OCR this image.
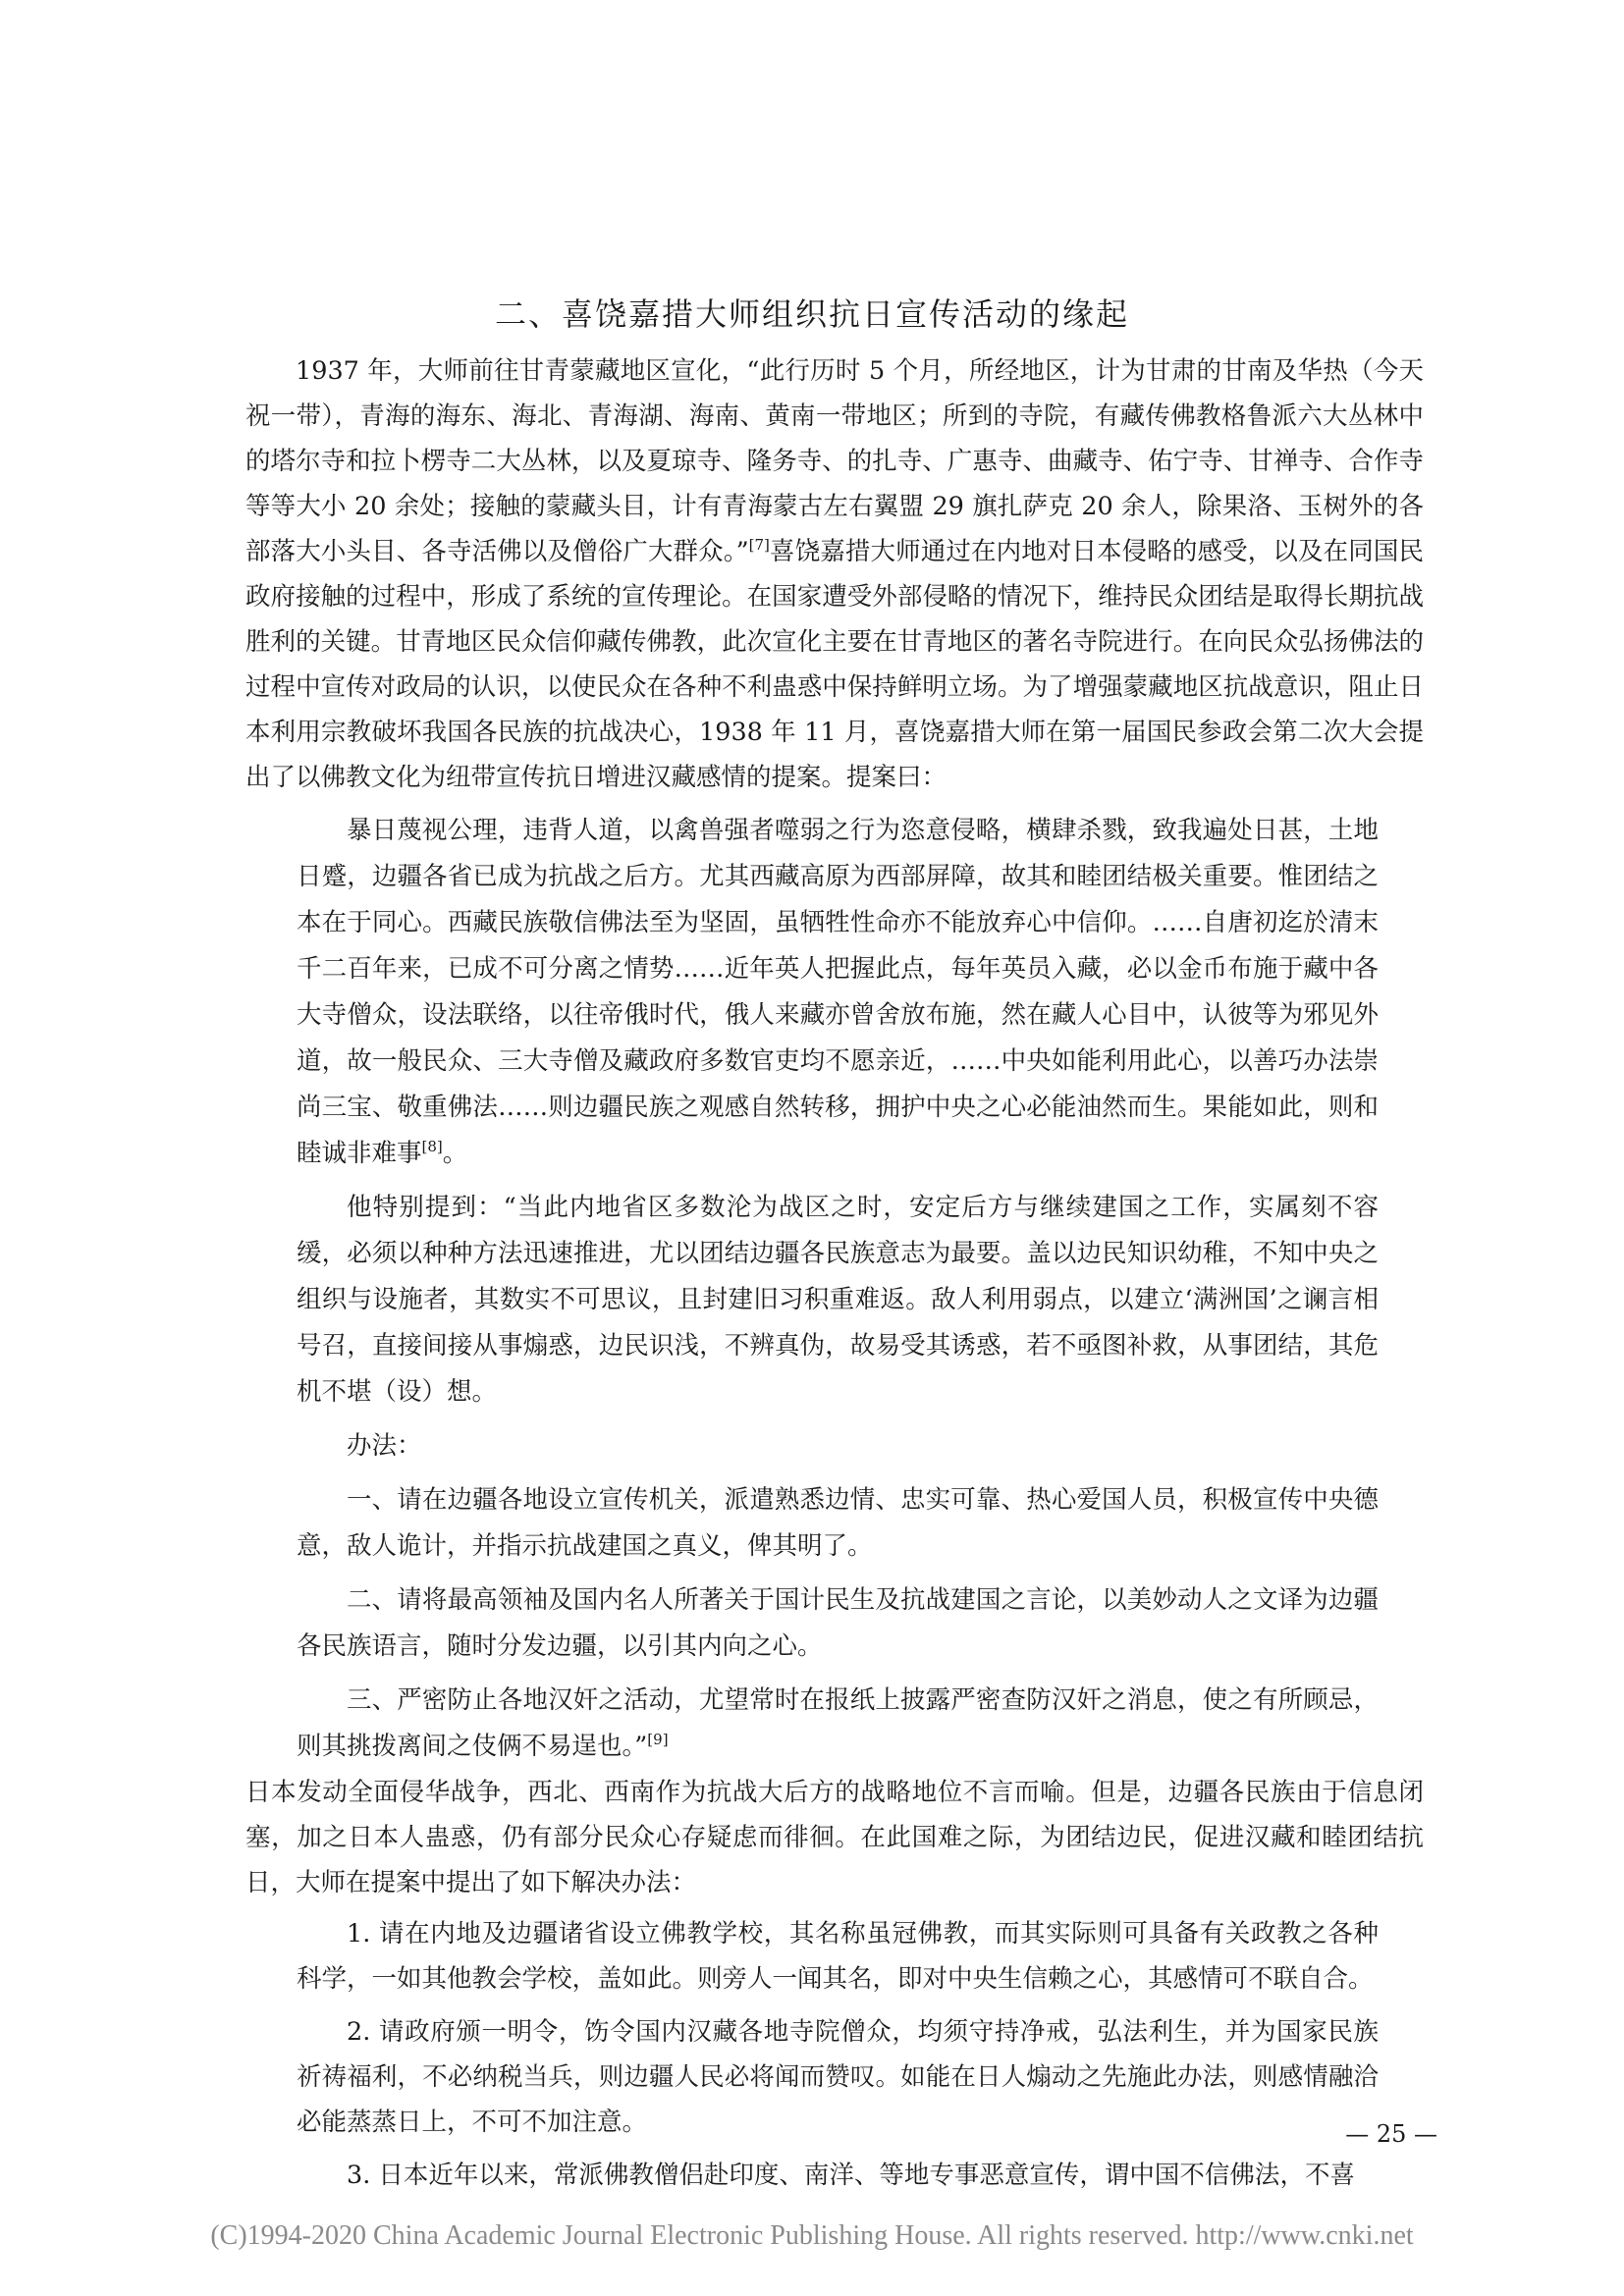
二、喜饶嘉措大师组织抗日宣传活动的缘起

1937 年，大师前往甘青蒙藏地区宣化，“此行历时 5 个月，所经地区，计为甘肃的甘南及华热（今天祝一带），青海的海东、海北、青海湖、海南、黄南一带地区；所到的寺院，有藏传佛教格鲁派六大丛林中的塔尔寺和拉卜楞寺二大丛林，以及夏琼寺、隆务寺、的扎寺、广惠寺、曲藏寺、佑宁寺、甘禅寺、合作寺等等大小 20 余处；接触的蒙藏头目，计有青海蒙古左右翼盟 29 旗扎萨克 20 余人，除果洛、玉树外的各部落大小头目、各寺活佛以及僧俗广大群众。”[7]喜饶嘉措大师通过在内地对日本侵略的感受，以及在同国民政府接触的过程中，形成了系统的宣传理论。在国家遭受外部侵略的情况下，维持民众团结是取得长期抗战胜利的关键。甘青地区民众信仰藏传佛教，此次宣化主要在甘青地区的著名寺院进行。在向民众弘扬佛法的过程中宣传对政局的认识，以使民众在各种不利蛊惑中保持鲜明立场。为了增强蒙藏地区抗战意识，阻止日本利用宗教破坏我国各民族的抗战决心，1938 年 11 月，喜饶嘉措大师在第一届国民参政会第二次大会提出了以佛教文化为纽带宣传抗日增进汉藏感情的提案。提案曰：

暴日蔑视公理，违背人道，以禽兽强者噬弱之行为恣意侵略，横肆杀戮，致我遍处日甚，土地日蹙，边疆各省已成为抗战之后方。尤其西藏高原为西部屏障，故其和睦团结极关重要。惟团结之本在于同心。西藏民族敬信佛法至为坚固，虽牺牲性命亦不能放弃心中信仰。……自唐初迄於清末千二百年来，已成不可分离之情势……近年英人把握此点，每年英员入藏，必以金币布施于藏中各大寺僧众，设法联络，以往帝俄时代，俄人来藏亦曾舍放布施，然在藏人心目中，认彼等为邪见外道，故一般民众、三大寺僧及藏政府多数官吏均不愿亲近，……中央如能利用此心，以善巧办法崇尚三宝、敬重佛法……则边疆民族之观感自然转移，拥护中央之心必能油然而生。果能如此，则和睦诚非难事[8]。

他特别提到：“当此内地省区多数沦为战区之时，安定后方与继续建国之工作，实属刻不容缓，必须以种种方法迅速推进，尤以团结边疆各民族意志为最要。盖以边民知识幼稚，不知中央之组织与设施者，其数实不可思议，且封建旧习积重难返。敌人利用弱点，以建立‘满洲国’之谰言相号召，直接间接从事煽惑，边民识浅，不辨真伪，故易受其诱惑，若不亟图补救，从事团结，其危机不堪（设）想。

办法：

一、请在边疆各地设立宣传机关，派遣熟悉边情、忠实可靠、热心爱国人员，积极宣传中央德意，敌人诡计，并指示抗战建国之真义，俾其明了。

二、请将最高领袖及国内名人所著关于国计民生及抗战建国之言论，以美妙动人之文译为边疆各民族语言，随时分发边疆，以引其内向之心。

三、严密防止各地汉奸之活动，尤望常时在报纸上披露严密查防汉奸之消息，使之有所顾忌，则其挑拨离间之伎俩不易逞也。”[9]

日本发动全面侵华战争，西北、西南作为抗战大后方的战略地位不言而喻。但是，边疆各民族由于信息闭塞，加之日本人蛊惑，仍有部分民众心存疑虑而徘徊。在此国难之际，为团结边民，促进汉藏和睦团结抗日，大师在提案中提出了如下解决办法：

1. 请在内地及边疆诸省设立佛教学校，其名称虽冠佛教，而其实际则可具备有关政教之各种科学，一如其他教会学校，盖如此。则旁人一闻其名，即对中央生信赖之心，其感情可不联自合。

2. 请政府颁一明令，饬令国内汉藏各地寺院僧众，均须守持净戒，弘法利生，并为国家民族祈祷福利，不必纳税当兵，则边疆人民必将闻而赞叹。如能在日人煽动之先施此办法，则感情融洽必能蒸蒸日上，不可不加注意。

3. 日本近年以来，常派佛教僧侣赴印度、南洋、等地专事恶意宣传，谓中国不信佛法，不喜

— 25 —
(C)1994-2020 China Academic Journal Electronic Publishing House. All rights reserved. http://www.cnki.net
